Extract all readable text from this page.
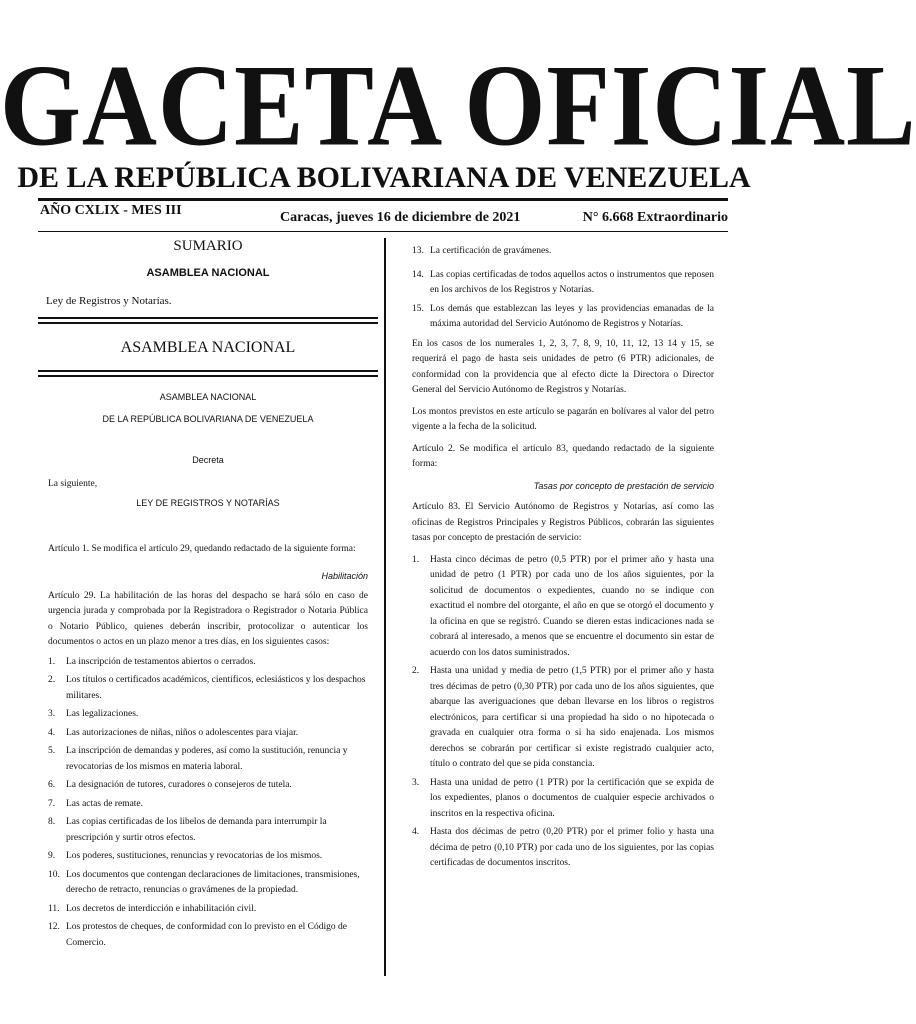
GACETA OFICIAL
DE LA REPÚBLICA BOLIVARIANA DE VENEZUELA
AÑO CXLIX - MES III	Caracas, jueves 16 de diciembre de 2021	N° 6.668 Extraordinario
SUMARIO
ASAMBLEA NACIONAL
Ley de Registros y Notarías.
ASAMBLEA NACIONAL
ASAMBLEA NACIONAL
DE LA REPÚBLICA BOLIVARIANA DE VENEZUELA
Decreta
La siguiente,
LEY DE REGISTROS Y NOTARÍAS

Artículo 1. Se modifica el artículo 29, quedando redactado de la siguiente forma:

Habilitación

Artículo 29. La habilitación de las horas del despacho se hará sólo en caso de urgencia jurada y comprobada por la Registradora o Registrador o Notaria Pública o Notario Público, quienes deberán inscribir, protocolizar o autenticar los documentos o actos en un plazo menor a tres días, en los siguientes casos:

1. La inscripción de testamentos abiertos o cerrados.
2. Los títulos o certificados académicos, científicos, eclesiásticos y los despachos militares.
3. Las legalizaciones.
4. Las autorizaciones de niñas, niños o adolescentes para viajar.
5. La inscripción de demandas y poderes, así como la sustitución, renuncia y revocatorias de los mismos en materia laboral.
6. La designación de tutores, curadores o consejeros de tutela.
7. Las actas de remate.
8. Las copias certificadas de los libelos de demanda para interrumpir la prescripción y surtir otros efectos.
9. Los poderes, sustituciones, renuncias y revocatorias de los mismos.
10. Los documentos que contengan declaraciones de limitaciones, transmisiones, derecho de retracto, renuncias o gravámenes de la propiedad.
11. Los decretos de interdicción e inhabilitación civil.
12. Los protestos de cheques, de conformidad con lo previsto en el Código de Comercio.
13. La certificación de gravámenes.
14. Las copias certificadas de todos aquellos actos o instrumentos que reposen en los archivos de los Registros y Notarías.
15. Los demás que establezcan las leyes y las providencias emanadas de la máxima autoridad del Servicio Autónomo de Registros y Notarías.

En los casos de los numerales 1, 2, 3, 7, 8, 9, 10, 11, 12, 13 14 y 15, se requerirá el pago de hasta seis unidades de petro (6 PTR) adicionales, de conformidad con la providencia que al efecto dicte la Directora o Director General del Servicio Autónomo de Registros y Notarías.

Los montos previstos en este artículo se pagarán en bolívares al valor del petro vigente a la fecha de la solicitud.

Artículo 2. Se modifica el artículo 83, quedando redactado de la siguiente forma:

Tasas por concepto de prestación de servicio

Artículo 83. El Servicio Autónomo de Registros y Notarías, así como las oficinas de Registros Principales y Registros Públicos, cobrarán las siguientes tasas por concepto de prestación de servicio:

1. Hasta cinco décimas de petro (0,5 PTR) por el primer año y hasta una unidad de petro (1 PTR) por cada uno de los años siguientes, por la solicitud de documentos o expedientes, cuando no se indique con exactitud el nombre del otorgante, el año en que se otorgó el documento y la oficina en que se registró. Cuando se dieren estas indicaciones nada se cobrará al interesado, a menos que se encuentre el documento sin estar de acuerdo con los datos suministrados.
2. Hasta una unidad y media de petro (1,5 PTR) por el primer año y hasta tres décimas de petro (0,30 PTR) por cada uno de los años siguientes, que abarque las averiguaciones que deban llevarse en los libros o registros electrónicos, para certificar si una propiedad ha sido o no hipotecada o gravada en cualquier otra forma o si ha sido enajenada. Los mismos derechos se cobrarán por certificar si existe registrado cualquier acto, título o contrato del que se pida constancia.
3. Hasta una unidad de petro (1 PTR) por la certificación que se expida de los expedientes, planos o documentos de cualquier especie archivados o inscritos en la respectiva oficina.
4. Hasta dos décimas de petro (0,20 PTR) por el primer folio y hasta una décima de petro (0,10 PTR) por cada uno de los siguientes, por las copias certificadas de documentos inscritos.
